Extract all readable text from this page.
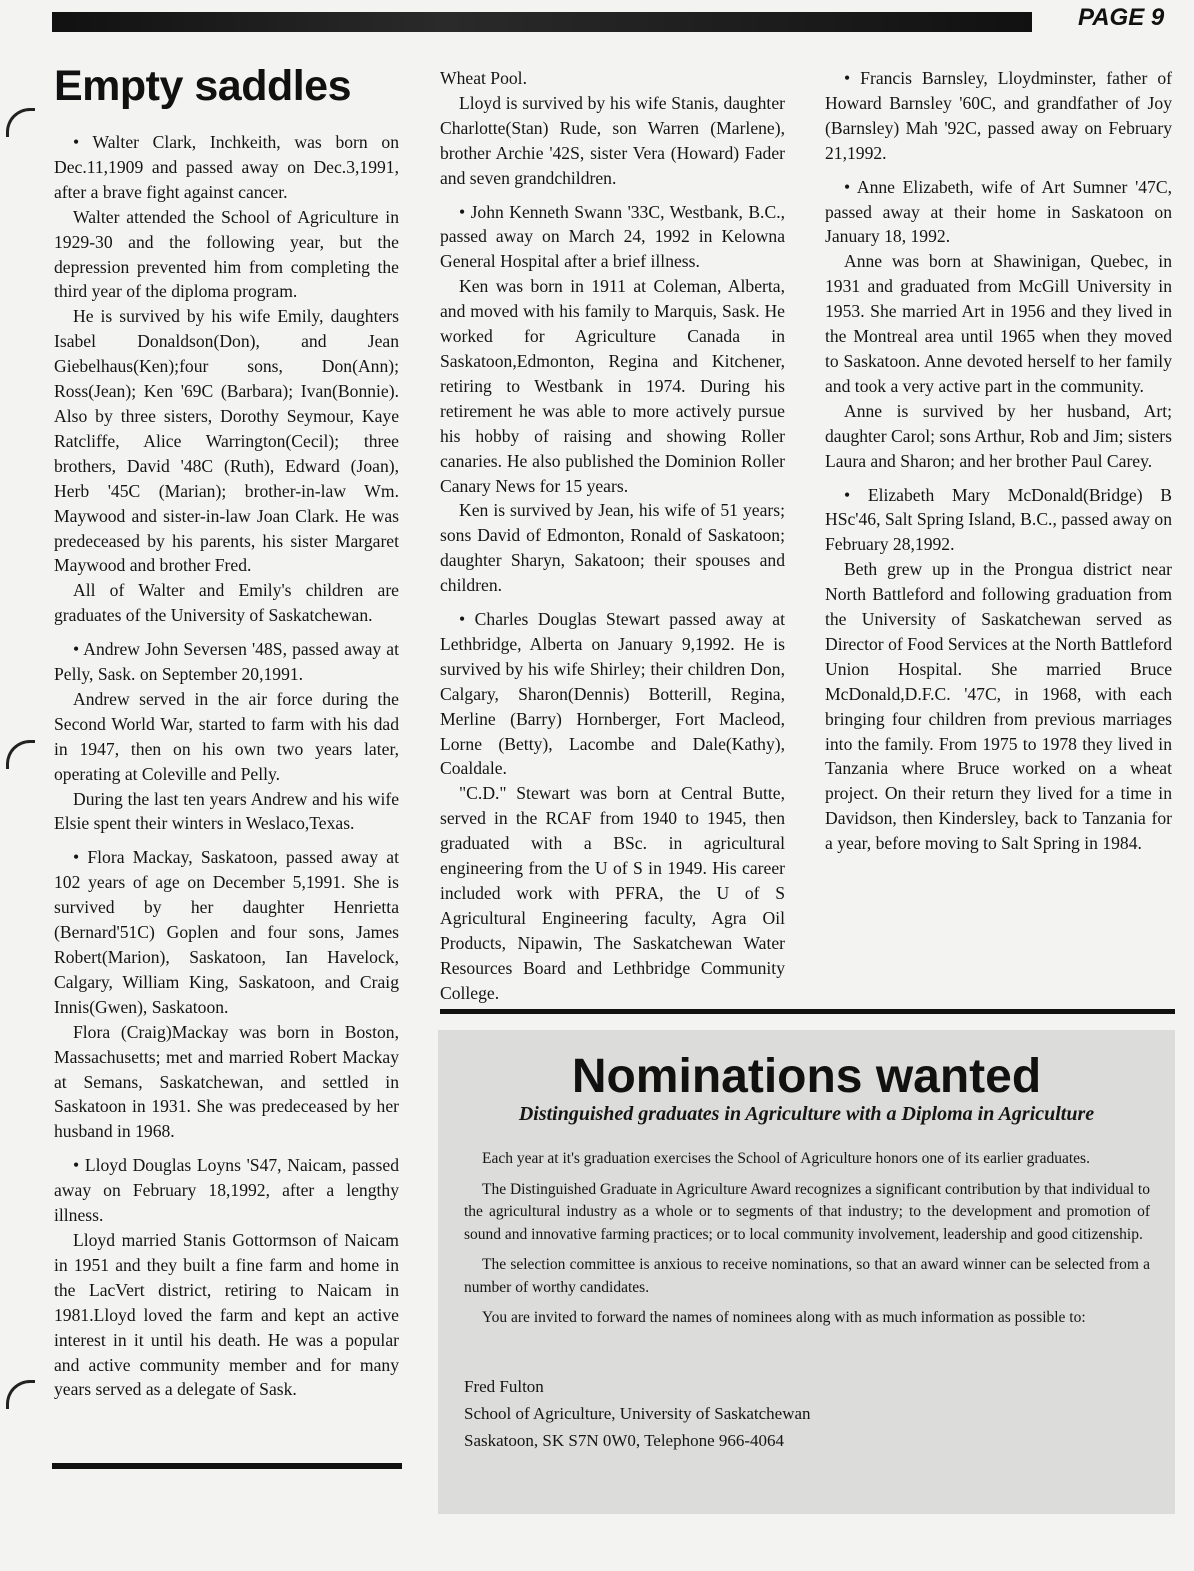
PAGE 9
Empty saddles

• Walter Clark, Inchkeith, was born on Dec.11,1909 and passed away on Dec.3,1991, after a brave fight against cancer.

Walter attended the School of Agriculture in 1929-30 and the following year, but the depression prevented him from completing the third year of the diploma program.

He is survived by his wife Emily, daughters Isabel Donaldson(Don), and Jean Giebelhaus(Ken);four sons, Don(Ann); Ross(Jean); Ken '69C (Barbara); Ivan(Bonnie). Also by three sisters, Dorothy Seymour, Kaye Ratcliffe, Alice Warrington(Cecil); three brothers, David '48C (Ruth), Edward (Joan), Herb '45C (Marian); brother-in-law Wm. Maywood and sister-in-law Joan Clark. He was predeceased by his parents, his sister Margaret Maywood and brother Fred.

All of Walter and Emily's children are graduates of the University of Saskatchewan.

• Andrew John Seversen '48S, passed away at Pelly, Sask. on September 20,1991.

Andrew served in the air force during the Second World War, started to farm with his dad in 1947, then on his own two years later, operating at Coleville and Pelly.

During the last ten years Andrew and his wife Elsie spent their winters in Weslaco,Texas.

• Flora Mackay, Saskatoon, passed away at 102 years of age on December 5,1991. She is survived by her daughter Henrietta (Bernard'51C) Goplen and four sons, James Robert(Marion), Saskatoon, Ian Havelock, Calgary, William King, Saskatoon, and Craig Innis(Gwen), Saskatoon.

Flora (Craig)Mackay was born in Boston, Massachusetts; met and married Robert Mackay at Semans, Saskatchewan, and settled in Saskatoon in 1931. She was predeceased by her husband in 1968.

• Lloyd Douglas Loyns 'S47, Naicam, passed away on February 18,1992, after a lengthy illness.

Lloyd married Stanis Gottormson of Naicam in 1951 and they built a fine farm and home in the LacVert district, retiring to Naicam in 1981.Lloyd loved the farm and kept an active interest in it until his death. He was a popular and active community member and for many years served as a delegate of Sask.

Wheat Pool.

Lloyd is survived by his wife Stanis, daughter Charlotte(Stan) Rude, son Warren (Marlene), brother Archie '42S, sister Vera (Howard) Fader and seven grandchildren.

• John Kenneth Swann '33C, Westbank, B.C., passed away on March 24, 1992 in Kelowna General Hospital after a brief illness.

Ken was born in 1911 at Coleman, Alberta, and moved with his family to Marquis, Sask. He worked for Agriculture Canada in Saskatoon,Edmonton, Regina and Kitchener, retiring to Westbank in 1974. During his retirement he was able to more actively pursue his hobby of raising and showing Roller canaries. He also published the Dominion Roller Canary News for 15 years.

Ken is survived by Jean, his wife of 51 years; sons David of Edmonton, Ronald of Saskatoon; daughter Sharyn, Sakatoon; their spouses and children.

• Charles Douglas Stewart passed away at Lethbridge, Alberta on January 9,1992. He is survived by his wife Shirley; their children Don, Calgary, Sharon(Dennis) Botterill, Regina, Merline (Barry) Hornberger, Fort Macleod, Lorne (Betty), Lacombe and Dale(Kathy), Coaldale.

"C.D." Stewart was born at Central Butte, served in the RCAF from 1940 to 1945, then graduated with a BSc. in agricultural engineering from the U of S in 1949. His career included work with PFRA, the U of S Agricultural Engineering faculty, Agra Oil Products, Nipawin, The Saskatchewan Water Resources Board and Lethbridge Community College.

• Francis Barnsley, Lloydminster, father of Howard Barnsley '60C, and grandfather of Joy (Barnsley) Mah '92C, passed away on February 21,1992.

• Anne Elizabeth, wife of Art Sumner '47C, passed away at their home in Saskatoon on January 18, 1992.

Anne was born at Shawinigan, Quebec, in 1931 and graduated from McGill University in 1953. She married Art in 1956 and they lived in the Montreal area until 1965 when they moved to Saskatoon. Anne devoted herself to her family and took a very active part in the community.

Anne is survived by her husband, Art; daughter Carol; sons Arthur, Rob and Jim; sisters Laura and Sharon; and her brother Paul Carey.

• Elizabeth Mary McDonald(Bridge) B HSc'46, Salt Spring Island, B.C., passed away on February 28,1992.

Beth grew up in the Prongua district near North Battleford and following graduation from the University of Saskatchewan served as Director of Food Services at the North Battleford Union Hospital. She married Bruce McDonald,D.F.C. '47C, in 1968, with each bringing four children from previous marriages into the family. From 1975 to 1978 they lived in Tanzania where Bruce worked on a wheat project. On their return they lived for a time in Davidson, then Kindersley, back to Tanzania for a year, before moving to Salt Spring in 1984.

Nominations wanted
Distinguished graduates in Agriculture with a Diploma in Agriculture

Each year at it's graduation exercises the School of Agriculture honors one of its earlier graduates.

The Distinguished Graduate in Agriculture Award recognizes a significant contribution by that individual to the agricultural industry as a whole or to segments of that industry; to the development and promotion of sound and innovative farming practices; or to local community involvement, leadership and good citizenship.

The selection committee is anxious to receive nominations, so that an award winner can be selected from a number of worthy candidates.

You are invited to forward the names of nominees along with as much information as possible to:

Fred Fulton
School of Agriculture, University of Saskatchewan
Saskatoon, SK S7N 0W0, Telephone 966-4064
